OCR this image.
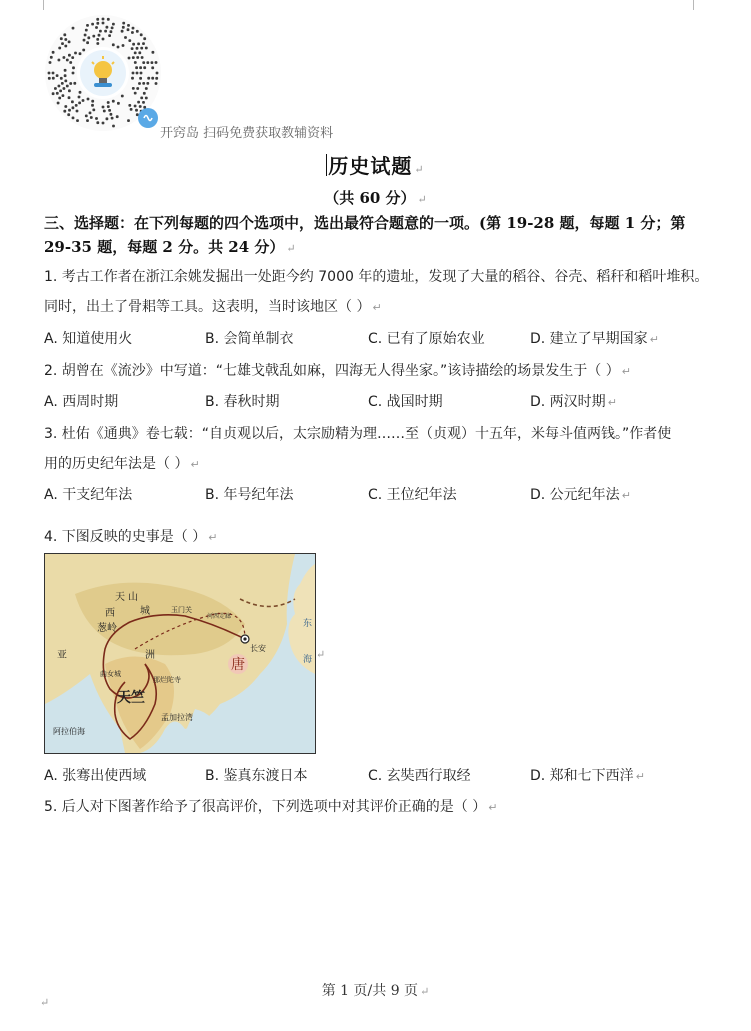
开窍岛 扫码免费获取教辅资料
历史试题 ↵
（共 60 分） ↵
三、选择题：在下列每题的四个选项中，选出最符合题意的一项。(第 19-28 题，每题 1 分；第 29-35 题，每题 2 分。共 24 分） ↵
1. 考古工作者在浙江余姚发掘出一处距今约 7000 年的遗址，发现了大量的稻谷、谷壳、稻秆和稻叶堆积。
同时，出土了骨耜等工具。这表明，当时该地区（ ） ↵
A. 知道使用火	B. 会简单制衣	C. 已有了原始农业	D. 建立了早期国家 ↵
2. 胡曾在《流沙》中写道：“七雄戈戟乱如麻，四海无人得坐家。”该诗描绘的场景发生于（ ） ↵
A. 西周时期	B. 春秋时期	C. 战国时期	D. 两汉时期 ↵
3. 杜佑《通典》卷七载：“自贞观以后，太宗励精为理……至（贞观）十五年，米每斗值两钱。”作者使
用的历史纪年法是（ ） ↵
A. 干支纪年法	B. 年号纪年法	C. 王位纪年法	D. 公元纪年法 ↵
4. 下图反映的史事是（ ） ↵
天 山
西	城	玉门关
河西走廊
葱岭
长安
唐
亚	洲
曲女城
天竺
那烂陀寺
孟加拉湾
阿拉伯海
东
海 ↵
A. 张骞出使西域	B. 鉴真东渡日本	C. 玄奘西行取经	D. 郑和七下西洋 ↵
5. 后人对下图著作给予了很高评价，下列选项中对其评价正确的是（ ） ↵
第 1 页/共 9 页 ↵
↵
